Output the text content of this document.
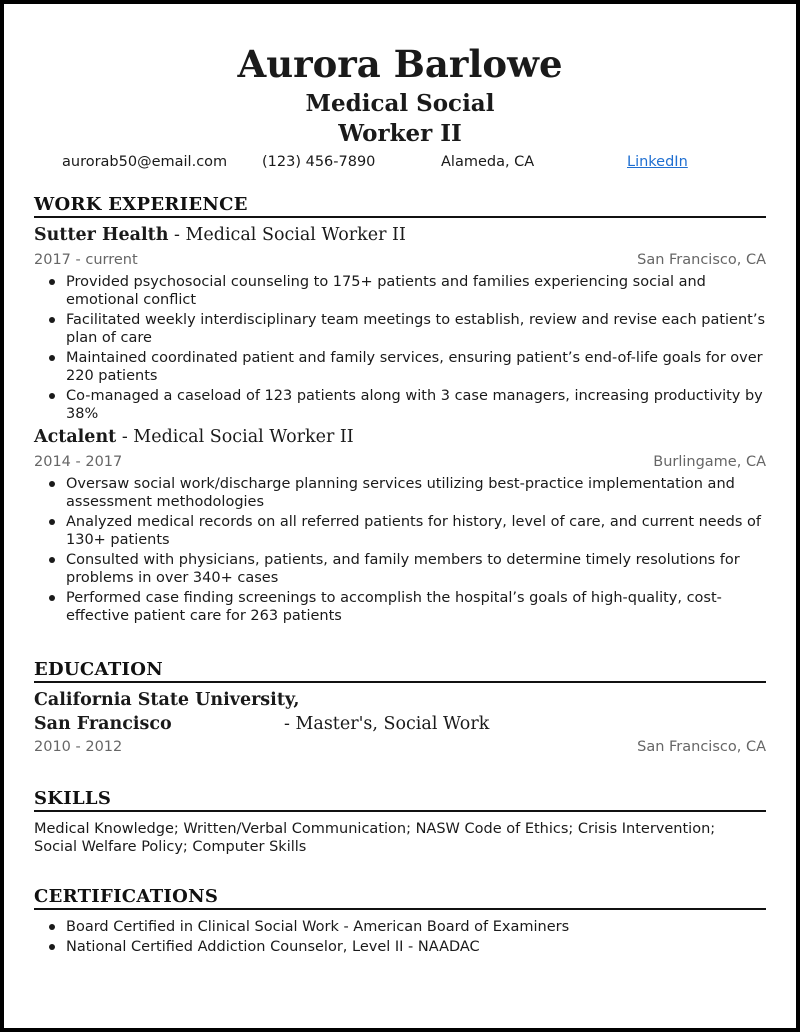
Aurora Barlowe
Medical Social
Worker II
aurorab50@email.com (123) 456-7890	Alameda, CA	LinkedIn
WORK EXPERIENCE
Sutter Health - Medical Social Worker II
2017 - current	San Francisco, CA
Provided psychosocial counseling to 175+ patients and families experiencing social and emotional conflict
Facilitated weekly interdisciplinary team meetings to establish, review and revise each patient’s plan of care
Maintained coordinated patient and family services, ensuring patient’s end-of-life goals for over 220 patients
Co-managed a caseload of 123 patients along with 3 case managers, increasing productivity by 38%
Actalent - Medical Social Worker II
2014 - 2017	Burlingame, CA
Oversaw social work/discharge planning services utilizing best-practice implementation and assessment methodologies
Analyzed medical records on all referred patients for history, level of care, and current needs of 130+ patients
Consulted with physicians, patients, and family members to determine timely resolutions for problems in over 340+ cases
Performed case finding screenings to accomplish the hospital’s goals of high-quality, cost-effective patient care for 263 patients
EDUCATION
California State University,
San Francisco	- Master's, Social Work
2010 - 2012	San Francisco, CA
SKILLS
Medical Knowledge; Written/Verbal Communication; NASW Code of Ethics; Crisis Intervention; Social Welfare Policy; Computer Skills
CERTIFICATIONS
Board Certified in Clinical Social Work - American Board of Examiners
National Certified Addiction Counselor, Level II - NAADAC
